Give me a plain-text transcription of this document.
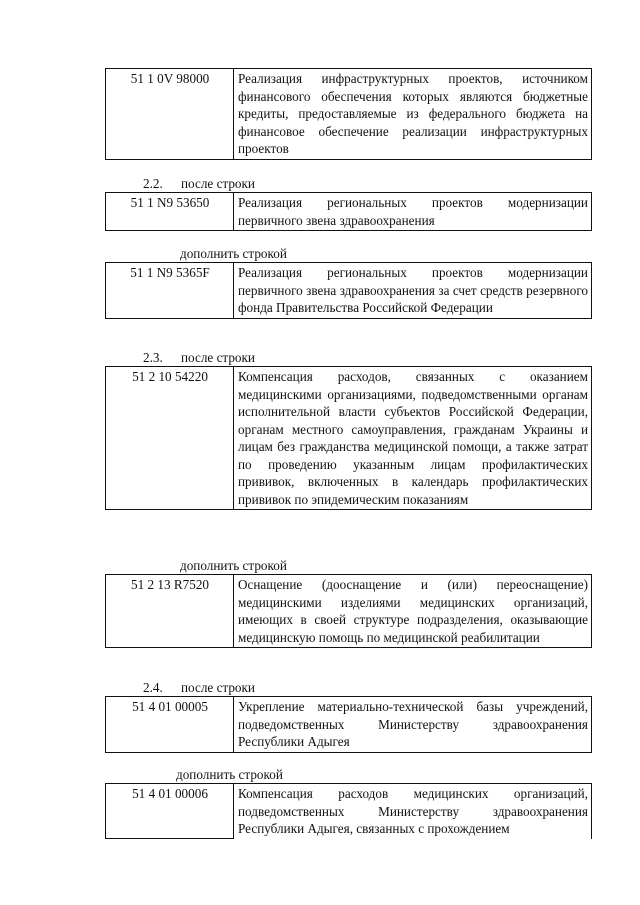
51 1 0V 98000	Реализация инфраструктурных проектов, источником финансового обеспечения которых являются бюджетные кредиты, предоставляемые из федерального бюджета на финансовое обеспечение реализации инфраструктурных проектов

2.2. после строки

51 1 N9 53650	Реализация региональных проектов модернизации первичного звена здравоохранения

дополнить строкой

51 1 N9 5365F	Реализация региональных проектов модернизации первичного звена здравоохранения за счет средств резервного фонда Правительства Российской Федерации

2.3. после строки

51 2 10 54220	Компенсация расходов, связанных с оказанием медицинскими организациями, подведомственными органам исполнительной власти субъектов Российской Федерации, органам местного самоуправления, гражданам Украины и лицам без гражданства медицинской помощи, а также затрат по проведению указанным лицам профилактических прививок, включенных в календарь профилактических прививок по эпидемическим показаниям

дополнить строкой

51 2 13 R7520	Оснащение (дооснащение и (или) переоснащение) медицинскими изделиями медицинских организаций, имеющих в своей структуре подразделения, оказывающие медицинскую помощь по медицинской реабилитации

2.4. после строки

51 4 01 00005	Укрепление материально-технической базы учреждений, подведомственных Министерству здравоохранения Республики Адыгея

дополнить строкой

51 4 01 00006	Компенсация расходов медицинских организаций, подведомственных Министерству здравоохранения Республики Адыгея, связанных с прохождением
